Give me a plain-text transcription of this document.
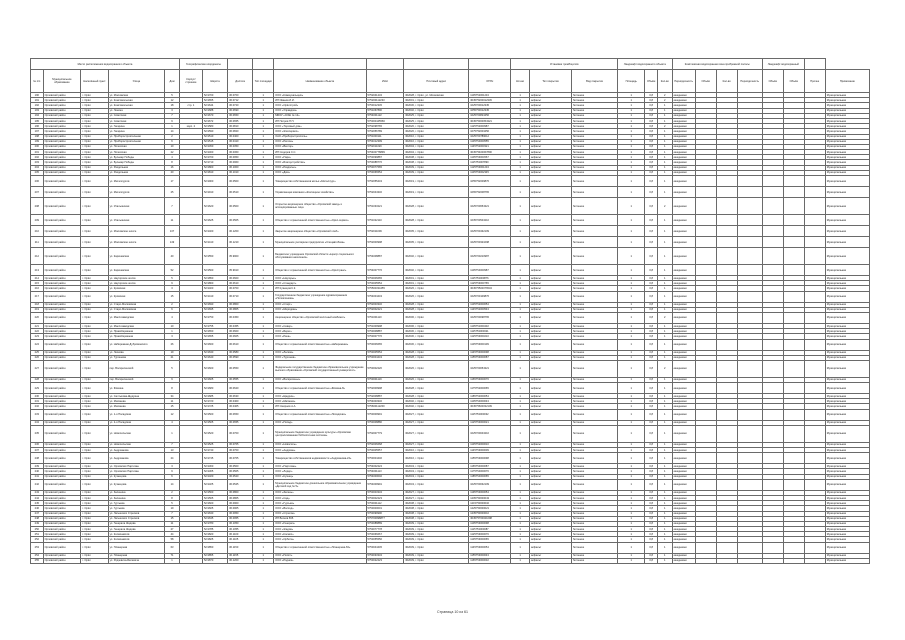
Место расположения водоохранного объекта					Географические координаты								Установка тромбоцитов			Ландшафт водоохранного объекта			Комплексная водоохранная зона прибрежной полосы				Ландшафт водоохранный			
№ п/п	Муниципальное образование	Населённый пункт	Улица	Дом	Корпус/строение	Широта	Долгота	Тип площадки	Наименование объекта	ИНН	Почтовый адрес	ОГРН	Кол-во	Тип покрытия	Вид покрытия	Площадь	Объём	Кол-во	Периодичность	Объём	Кол-во	Периодичность	Объём	Объём	Прочее	Примечание
190	Орловский район	г. Орёл	ул. Московская	5		52.9700	36.0700	1	ООО «Коммунальщик»	5752041234	302028, г. Орёл, ул. Московская	1105752001234	1	асфальт	бетонное	1	0,8	2	ежедневно							Муниципальная
191	Орловский район	г. Орёл	ул. Комсомольская	12		52.9655	36.0712	1	ИП Иванов И.И.	575200112233	302001, г. Орёл	304575200012345	1	асфальт	бетонное	1	0,8	2	ежедневно							Муниципальная
192	Орловский район	г. Орёл	ул. Комсомольская	18	стр. 1	52.9644	36.0720	1	ООО «Орёлстрой»	5753012345	302030, г. Орёл	1025700012345	1	асфальт	бетонное	1	0,8	1	ежедневно							Муниципальная
193	Орловский район	г. Орёл	ул. Ленина	3		52.9688	36.0690	1	ООО «Управдом»	5751067890	302040, г. Орёл	1055753012345	1	асфальт	бетонное	1	0,8	1	ежедневно							Муниципальная
194	Орловский район	г. Орёл	ул. Советская	7		52.9670	36.0650	1	МБОУ «СОШ № 12»	5754001122	302025, г. Орёл	1025700823456	1	асфальт	бетонное	1	0,8	1	ежедневно							Муниципальная
195	Орловский район	г. Орёл	ул. Советская	9		52.9672	36.0655	1	ИП Петров П.П.	575300445566	302025, г. Орёл	304575300054321	1	асфальт	бетонное	1	0,8	1	ежедневно							Муниципальная
196	Орловский район	г. Орёл	ул. Гагарина	1	корп. 2	52.9580	36.0810	1	ООО «Торговый дом»	5752098765	302020, г. Орёл	1125752000987	1	асфальт	бетонное	1	0,8	2	ежедневно							Муниципальная
197	Орловский район	г. Орёл	ул. Гагарина	14		52.9590	36.0820	1	ООО «Жилсервис»	5752056789	302020, г. Орёл	1075752003456	1	асфальт	бетонное	1	0,8	1	ежедневно							Муниципальная
198	Орловский район	г. Орёл	ул. Приборостроительная	2		52.9510	36.0400	1	ОАО «Приборостроитель»	5751000111	302010, г. Орёл	1025700789012	1	асфальт	бетонное	1	0,8	1	ежедневно							Муниципальная
199	Орловский район	г. Орёл	ул. Приборостроительная	6		52.9515	36.0410	1	ООО «Регион»	5754012399	302010, г. Орёл	1135754000555	1	асфальт	бетонное	1	0,8	1	ежедневно							Муниципальная
200	Орловский район	г. Орёл	ул. Полесская	10		52.9450	36.0350	1	ООО «Вектор»	5752011199	302004, г. Орёл	1145752000321	1	асфальт	бетонное	1	0,8	1	ежедневно							Муниципальная
201	Орловский район	г. Орёл	ул. Полесская	22		52.9460	36.0360	1	ИП Сидоров С.С.	575400778899	302004, г. Орёл	304575400067890	1	асфальт	бетонное	1	0,8	1	ежедневно							Муниципальная
202	Орловский район	г. Орёл	ул. Бульвар Победы	4		52.9700	36.0950	1	ООО «Парк»	5753099887	302038, г. Орёл	1105753004567	1	асфальт	бетонное	1	0,8	1	ежедневно							Муниципальная
203	Орловский район	г. Орёл	ул. Бульвар Победы	8		52.9710	36.0960	1	ООО «Благоустройство»	5753088776	302038, г. Орёл	1115753007890	1	асфальт	бетонное	1	0,8	1	ежедневно							Муниципальная
204	Орловский район	г. Орёл	ул. Раздольная	16		52.9800	36.1000	1	ООО «Раздолье»	5753077665	302039, г. Орёл	1125753001234	1	асфальт	бетонное	1	0,8	1	ежедневно							Муниципальная
205	Орловский район	г. Орёл	ул. Раздольная	20		52.9810	36.1010	1	ООО «Дом»	5753066554	302039, г. Орёл	1135753002345	1	асфальт	бетонное	1	0,8	1	ежедневно							Муниципальная
206	Орловский район	г. Орёл	ул. Металлургов	17		52.9900	36.0500	1	Товарищество собственников жилья «Металлург»	5752055443	302019, г. Орёл	1055752009876	1	асфальт	бетонное	1	0,8	1	ежедневно							Муниципальная
207	Орловский район	г. Орёл	ул. Металлургов	25		52.9910	36.0510	1	Управляющая компания «Жилищное хозяйство»	5752044332	302019, г. Орёл	1065752008765	1	асфальт	бетонное	1	0,8	1	ежедневно							Муниципальная
208	Орловский район	г. Орёл	ул. Итальянская	7		52.9620	36.0500	1	Открытое акционерное общество «Орловский завод» и ассоциированные лица	5751033221	302028, г. Орёл	1025700654321	1	асфальт	бетонное	1	0,8	2	ежедневно							Муниципальная
209	Орловский район	г. Орёл	ул. Итальянская	11		52.9625	36.0505	1	Общество с ограниченной ответственностью «Орёл-сервис»	5751022110	302028, г. Орёл	1035700543210	1	асфальт	бетонное	1	0,8	1	ежедневно							Муниципальная
210	Орловский район	г. Орёл	ул. Московское шоссе	137		52.9400	36.1200	1	Закрытое акционерное общество «Орловский хлеб»	5752011009	302005, г. Орёл	1025700432109	1	асфальт	бетонное	1	0,8	1	ежедневно							Муниципальная
211	Орловский район	г. Орёл	ул. Московское шоссе	149		52.9410	36.1210	1	Муниципальное унитарное предприятие «Спецавтобаза»	5752000998	302005, г. Орёл	1025700321098	1	асфальт	бетонное	1	0,8	1	ежедневно							Муниципальная
212	Орловский район	г. Орёл	ул. Карачевская	40		52.9550	35.9900	1	Бюджетное учреждение Орловской области «Центр социального обслуживания населения»	5754008887	302040, г. Орёл	1025700210987	1	асфальт	бетонное	1	0,8	1	ежедневно							Муниципальная
213	Орловский район	г. Орёл	ул. Карачевская	52		52.9560	35.9910	1	Общество с ограниченной ответственностью «Орёлтранс»	5754007776	302040, г. Орёл	1105754000987	1	асфальт	бетонное	1	0,8	1	ежедневно							Муниципальная
214	Орловский район	г. Орёл	ул. Наугорское шоссе	5		52.9850	36.0600	1	ООО «Наугорье»	5753006665	302001, г. Орёл	1115753000876	1	асфальт	бетонное	1	0,8	1	ежедневно							Муниципальная
215	Орловский район	г. Орёл	ул. Наугорское шоссе	9		52.9860	36.0610	1	ООО «Стандарт»	5753005554	302001, г. Орёл	1125753000765	1	асфальт	бетонное	1	0,8	1	ежедневно							Муниципальная
216	Орловский район	г. Орёл	ул. Кромская	3		52.9400	36.0700	1	ИП Кузнецов К.К.	575500334455	302026, г. Орёл	304575500076543	1	асфальт	бетонное	1	0,8	1	ежедневно							Муниципальная
217	Орловский район	г. Орёл	ул. Кромская	15		52.9410	36.0710	1	Государственное бюджетное учреждение здравоохранения «Поликлиника»	5754004443	302026, г. Орёл	1025700109876	1	асфальт	бетонное	1	0,8	1	ежедневно							Муниципальная
218	Орловский район	г. Орёл	ул. Старо-Московская	2		52.9690	36.0800	1	ООО «Старт»	5752003332	302028, г. Орёл	1135752000654	1	асфальт	бетонное	1	0,8	1	ежедневно							Муниципальная
219	Орловский район	г. Орёл	ул. Старо-Московская	6		52.9695	36.0805	1	ООО «Меридиан»	5752002221	302028, г. Орёл	1145752000543	1	асфальт	бетонное	1	0,8	1	ежедневно							Муниципальная
220	Орловский район	г. Орёл	ул. Маслозаводская	4		52.9750	36.0450	1	Акционерное общество «Орловский молочный комбинат»	5751001110	302006, г. Орёл	1025700098765	1	асфальт	бетонное	1	0,8	2	ежедневно							Муниципальная
221	Орловский район	г. Орёл	ул. Маслозаводская	10		52.9755	36.0455	1	ООО «Север»	5751009998	302006, г. Орёл	1105751000432	1	асфальт	бетонное	1	0,8	1	ежедневно							Муниципальная
222	Орловский район	г. Орёл	ул. Правобережная	1		52.9650	36.0600	1	ООО «Берег»	5753008887	302030, г. Орёл	1115753000321	1	асфальт	бетонное	1	0,8	1	ежедневно							Муниципальная
223	Орловский район	г. Орёл	ул. Правобережная	3		52.9655	36.0605	1	ООО «Река»	5753007776	302030, г. Орёл	1125753000210	1	асфальт	бетонное	1	0,8	1	ежедневно							Муниципальная
224	Орловский район	г. Орёл	ул. Набережная Дубровинского	26		52.9660	36.0610	1	Общество с ограниченной ответственностью «Набережная»	5753006665	302030, г. Орёл	1135753000109	1	асфальт	бетонное	1	0,8	1	ежедневно							Муниципальная
225	Орловский район	г. Орёл	ул. Лескова	19		52.9630	36.0580	1	ООО «Лесков»	5753005554	302028, г. Орёл	1145753000098	1	асфальт	бетонное	1	0,8	1	ежедневно							Муниципальная
226	Орловский район	г. Орёл	ул. Тургенева	21		52.9640	36.0590	1	ООО «Тургенев»	5753004443	302028, г. Орёл	1155753000087	1	асфальт	бетонное	1	0,8	1	ежедневно							Муниципальная
227	Орловский район	г. Орёл	пер. Воскресенский	5		52.9600	36.0550	1	Федеральное государственное бюджетное образовательное учреждение высшего образования «Орловский государственный университет»	5753002220	302026, г. Орёл	1025700054321	1	асфальт	бетонное	1	0,8	2	ежедневно							Муниципальная
228	Орловский район	г. Орёл	пер. Воскресенский	9		52.9605	36.0555	1	ООО «Воскресенье»	5753001119	302026, г. Орёл	1165753000076	1	асфальт	бетонное	1	0,8	1	ежедневно							Муниципальная
229	Орловский район	г. Орёл	ул. Фомина	8		52.9680	36.0620	1	Общество с ограниченной ответственностью «Фомина-8»	5752009998	302028, г. Орёл	1175752000065	1	асфальт	бетонное	1	0,8	1	ежедневно							Муниципальная
230	Орловский район	г. Орёл	ул. Салтыкова-Щедрина	34		52.9685	36.0630	1	ООО «Щедрин»	5752008887	302028, г. Орёл	1185752000054	1	асфальт	бетонное	1	0,8	1	ежедневно							Муниципальная
231	Орловский район	г. Орёл	ул. Матвеева	11		52.9720	36.0400	1	ООО «Матвеев»	5754003332	302040, г. Орёл	1105754000043	1	асфальт	бетонное	1	0,8	1	ежедневно							Муниципальная
232	Орловский район	г. Орёл	ул. Матвеева	15		52.9725	36.0405	1	ИП Смирнов А.А.	575600112200	302040, г. Орёл	304575600032109	1	асфальт	бетонное	1	0,8	1	ежедневно							Муниципальная
233	Орловский район	г. Орёл	ул. 1-я Посадская	12		52.9500	36.0650	1	Общество с ограниченной ответственностью «Посадская»	5753009991	302027, г. Орёл	1115753000032	1	асфальт	бетонное	1	0,8	1	ежедневно							Муниципальная
234	Орловский район	г. Орёл	ул. 2-я Посадская	4		52.9505	36.0655	1	ООО «Посад»	5753008880	302027, г. Орёл	1125753000021	1	асфальт	бетонное	1	0,8	1	ежедневно							Муниципальная
235	Орловский район	г. Орёл	ул. Новосильская	1		52.9520	36.0700	1	Муниципальное бюджетное учреждение культуры «Орловская централизованная библиотечная система»	5752007779	302027, г. Орёл	1025700043210	1	асфальт	бетонное	1	0,8	1	ежедневно							Муниципальная
236	Орловский район	г. Орёл	ул. Новосильская	7		52.9525	36.0705	1	ООО «Новосиль»	5752006668	302027, г. Орёл	1135752000010	1	асфальт	бетонное	1	0,8	1	ежедневно							Муниципальная
237	Орловский район	г. Орёл	ул. Андрианова	13		52.9740	36.0700	1	ООО «Андриан»	5753005557	302016, г. Орёл	1145753000009	1	асфальт	бетонное	1	0,8	1	ежедневно							Муниципальная
238	Орловский район	г. Орёл	ул. Андрианова	24		52.9745	36.0705	1	Товарищество собственников недвижимости «Андрианова-24»	5753004446	302016, г. Орёл	1155753000098	1	асфальт	бетонное	1	0,8	1	ежедневно							Муниципальная
239	Орловский район	г. Орёл	ул. Орловских Партизан	3		52.9300	36.0500	1	ООО «Партизан»	5754002224	302043, г. Орёл	1165754000087	1	асфальт	бетонное	1	0,8	1	ежедневно							Муниципальная
240	Орловский район	г. Орёл	ул. Орловских Партизан	9		52.9305	36.0505	1	ООО «Лидер»	5754001113	302043, г. Орёл	1175754000076	1	асфальт	бетонное	1	0,8	1	ежедневно							Муниципальная
241	Орловский район	г. Орёл	ул. Кузнецова	6		52.9320	36.0520	1	ООО «Кузнец»	5754000002	302043, г. Орёл	1185754000065	1	асфальт	бетонное	1	0,8	1	ежедневно							Муниципальная
242	Орловский район	г. Орёл	ул. Кузнецова	14		52.9325	36.0525	1	Муниципальное бюджетное дошкольное образовательное учреждение «Детский сад № 5»	5754009991	302043, г. Орёл	1025700032109	1	асфальт	бетонное	1	0,8	1	ежедневно							Муниципальная
243	Орловский район	г. Орёл	ул. Зеленина	2		52.9560	36.0800	1	ООО «Зелень»	5753003334	302027, г. Орёл	1195753000054	1	асфальт	бетонное	1	0,8	1	ежедневно							Муниципальная
244	Орловский район	г. Орёл	ул. Зеленина	8		52.9565	36.0805	1	ООО «Сад»	5753002223	302027, г. Орёл	1205753000043	1	асфальт	бетонное	1	0,8	1	ежедневно							Муниципальная
245	Орловский район	г. Орёл	ул. Гуртьева	5		52.9600	36.0900	1	ООО «Гуртьев»	5753001112	302038, г. Орёл	1215753000032	1	асфальт	бетонное	1	0,8	1	ежедневно							Муниципальная
246	Орловский район	г. Орёл	ул. Гуртьева	19		52.9605	36.0905	1	ООО «Восход»	5753000001	302038, г. Орёл	1225753000021	1	асфальт	бетонное	1	0,8	1	ежедневно							Муниципальная
247	Орловский район	г. Орёл	ул. Латышских Стрелков	7		52.9630	36.0950	1	ООО «Стрелок»	5753099990	302038, г. Орёл	1235753000010	1	асфальт	бетонное	1	0,8	1	ежедневно							Муниципальная
248	Орловский район	г. Орёл	ул. Латышских Стрелков	15		52.9635	36.0955	1	ИП Волков В.В.	575700998877	302038, г. Орёл	304575700021098	1	асфальт	бетонное	1	0,8	1	ежедневно							Муниципальная
249	Орловский район	г. Орёл	ул. Генерала Жадова	11		52.9780	36.1050	1	ООО «Генерал»	5753088889	302039, г. Орёл	1105753000098	1	асфальт	бетонное	1	0,8	1	ежедневно							Муниципальная
250	Орловский район	г. Орёл	ул. Генерала Жадова	27		52.9785	36.1055	1	ООО «Жадов»	5753077778	302039, г. Орёл	1115753000087	1	асфальт	бетонное	1	0,8	1	ежедневно							Муниципальная
251	Орловский район	г. Орёл	ул. Космонавтов	44		52.9820	36.1100	1	ООО «Космос»	5753066667	302039, г. Орёл	1125753000076	1	асфальт	бетонное	1	0,8	1	ежедневно							Муниципальная
252	Орловский район	г. Орёл	ул. Космонавтов	58		52.9825	36.1105	1	ООО «Орбита»	5753055556	302039, г. Орёл	1135753000065	1	асфальт	бетонное	1	0,8	1	ежедневно							Муниципальная
253	Орловский район	г. Орёл	ул. Планерная	63		52.9850	36.1150	1	Общество с ограниченной ответственностью «Планерная-63»	5753044445	302039, г. Орёл	1145753000054	1	асфальт	бетонное	1	0,8	1	ежедневно							Муниципальная
254	Орловский район	г. Орёл	ул. Планерная	71		52.9855	36.1155	1	ООО «Полёт»	5753033334	302039, г. Орёл	1155753000043	1	асфальт	бетонное	1	0,8	1	ежедневно							Муниципальная
255	Орловский район	г. Орёл	ул. Родзевича-Белевича	1		52.9870	36.1200	1	ООО «Родник»	5753022223	302039, г. Орёл	1165753000032	1	асфальт	бетонное	1	0,8	1	ежедневно							Муниципальная
Страница 10 из 61
